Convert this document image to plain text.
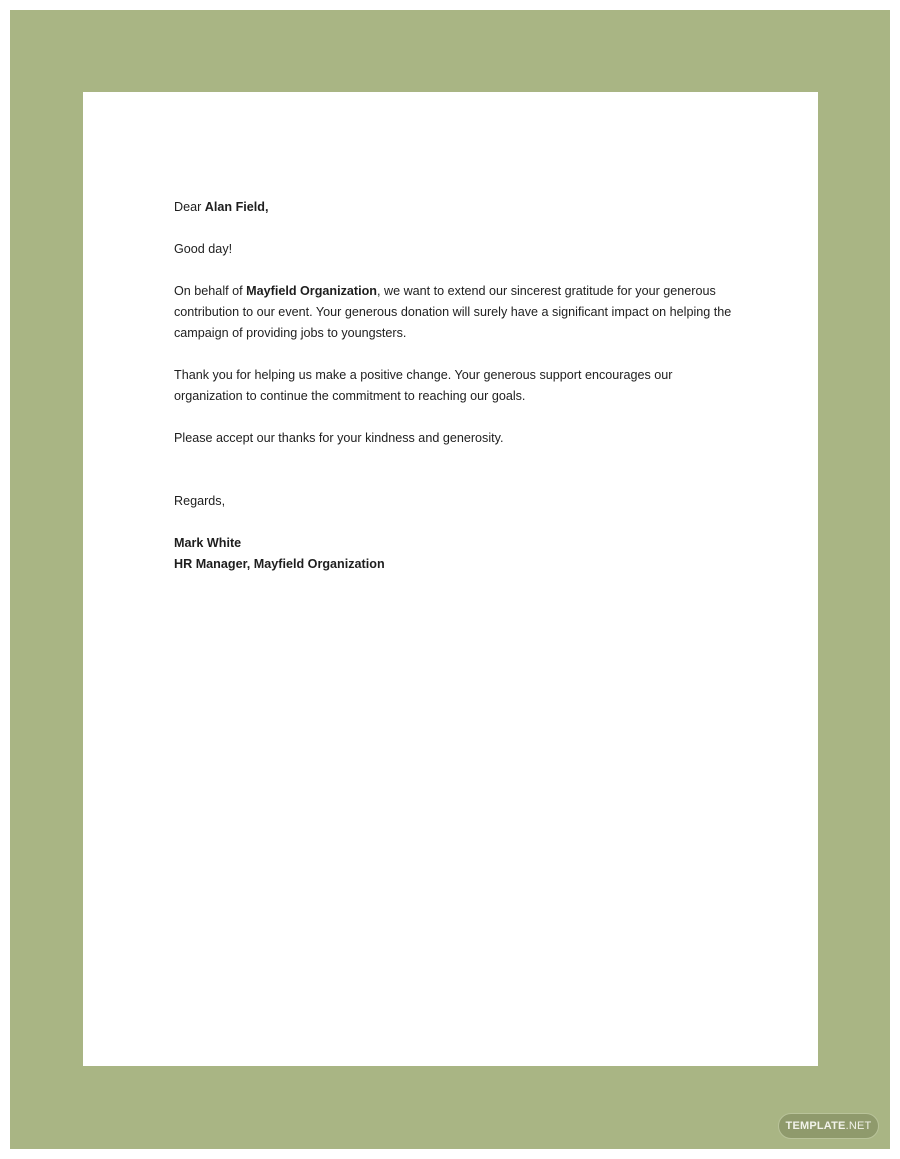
Dear Alan Field,

Good day!

On behalf of Mayfield Organization, we want to extend our sincerest gratitude for your generous contribution to our event. Your generous donation will surely have a significant impact on helping the campaign of providing jobs to youngsters.

Thank you for helping us make a positive change. Your generous support encourages our organization to continue the commitment to reaching our goals.

Please accept our thanks for your kindness and generosity.

Regards,

Mark White

HR Manager, Mayfield Organization

TEMPLATE .NET
